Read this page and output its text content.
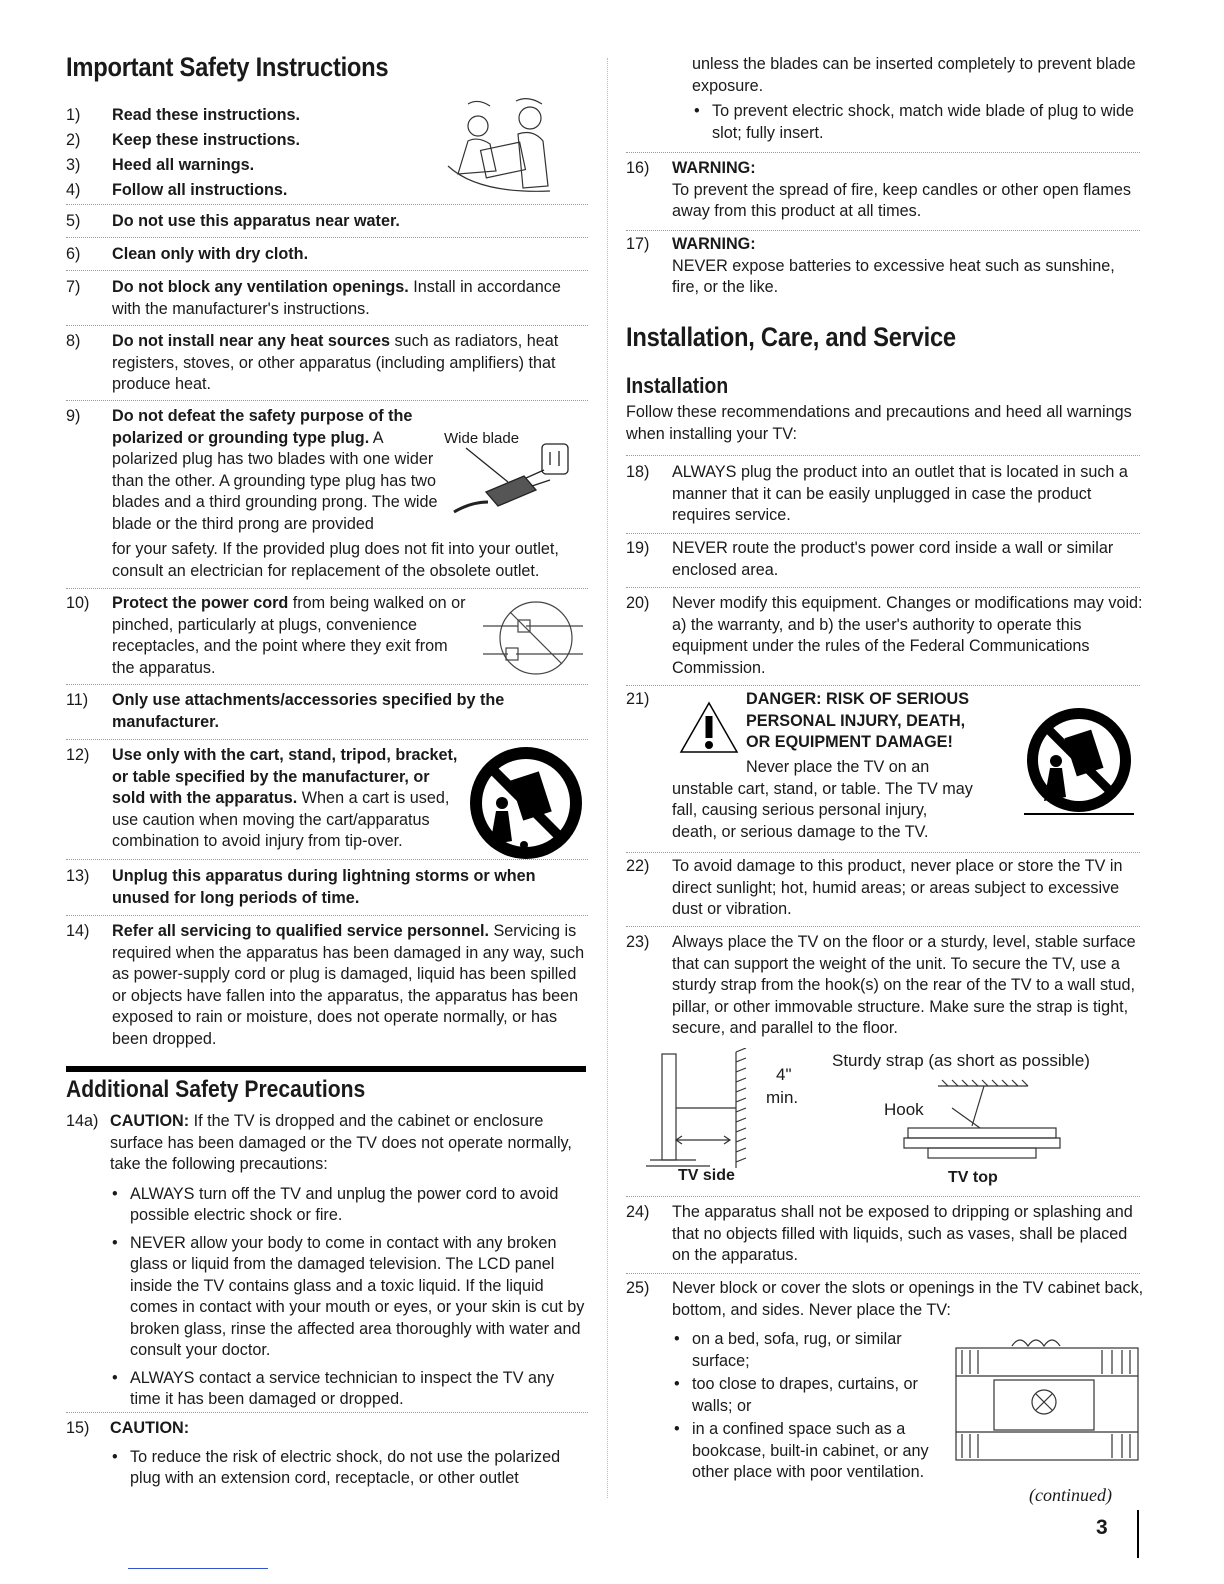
Important Safety Instructions
1) Read these instructions.
2) Keep these instructions.
3) Heed all warnings.
4) Follow all instructions.
5) Do not use this apparatus near water.
6) Clean only with dry cloth.
7) Do not block any ventilation openings. Install in accordance with the manufacturer's instructions.
8) Do not install near any heat sources such as radiators, heat registers, stoves, or other apparatus (including amplifiers) that produce heat.
9) Do not defeat the safety purpose of the polarized or grounding type plug. A polarized plug has two blades with one wider than the other. A grounding type plug has two blades and a third grounding prong. The wide blade or the third prong are provided
for your safety. If the provided plug does not fit into your outlet, consult an electrician for replacement of the obsolete outlet.
Wide blade
10) Protect the power cord from being walked on or pinched, particularly at plugs, convenience receptacles, and the point where they exit from the apparatus.
11) Only use attachments/accessories specified by the manufacturer.
12) Use only with the cart, stand, tripod, bracket, or table specified by the manufacturer, or sold with the apparatus. When a cart is used, use caution when moving the cart/apparatus combination to avoid injury from tip-over.
13) Unplug this apparatus during lightning storms or when unused for long periods of time.
14) Refer all servicing to qualified service personnel. Servicing is required when the apparatus has been damaged in any way, such as power-supply cord or plug is damaged, liquid has been spilled or objects have fallen into the apparatus, the apparatus has been exposed to rain or moisture, does not operate normally, or has been dropped.
Additional Safety Precautions
14a) CAUTION: If the TV is dropped and the cabinet or enclosure surface has been damaged or the TV does not operate normally, take the following precautions:
• ALWAYS turn off the TV and unplug the power cord to avoid possible electric shock or fire.
• NEVER allow your body to come in contact with any broken glass or liquid from the damaged television. The LCD panel inside the TV contains glass and a toxic liquid. If the liquid comes in contact with your mouth or eyes, or your skin is cut by broken glass, rinse the affected area thoroughly with water and consult your doctor.
• ALWAYS contact a service technician to inspect the TV any time it has been damaged or dropped.
15) CAUTION:
• To reduce the risk of electric shock, do not use the polarized plug with an extension cord, receptacle, or other outlet
unless the blades can be inserted completely to prevent blade exposure.
• To prevent electric shock, match wide blade of plug to wide slot; fully insert.
16) WARNING:
To prevent the spread of fire, keep candles or other open flames away from this product at all times.
17) WARNING:
NEVER expose batteries to excessive heat such as sunshine, fire, or the like.
Installation, Care, and Service
Installation
Follow these recommendations and precautions and heed all warnings when installing your TV:
18) ALWAYS plug the product into an outlet that is located in such a manner that it can be easily unplugged in case the product requires service.
19) NEVER route the product's power cord inside a wall or similar enclosed area.
20) Never modify this equipment. Changes or modifications may void: a) the warranty, and b) the user's authority to operate this equipment under the rules of the Federal Communications Commission.
21)	DANGER: RISK OF SERIOUS PERSONAL INJURY, DEATH, OR EQUIPMENT DAMAGE!
Never place the TV on an unstable cart, stand, or table. The TV may fall, causing serious personal injury, death, or serious damage to the TV.
22) To avoid damage to this product, never place or store the TV in direct sunlight; hot, humid areas; or areas subject to excessive dust or vibration.
23) Always place the TV on the floor or a sturdy, level, stable surface that can support the weight of the unit. To secure the TV, use a sturdy strap from the hook(s) on the rear of the TV to a wall stud, pillar, or other immovable structure. Make sure the strap is tight, secure, and parallel to the floor.
4"
min.
TV side
Sturdy strap (as short as possible)
Hook
TV top
24) The apparatus shall not be exposed to dripping or splashing and that no objects filled with liquids, such as vases, shall be placed on the apparatus.
25) Never block or cover the slots or openings in the TV cabinet back, bottom, and sides. Never place the TV:
• on a bed, sofa, rug, or similar surface;
• too close to drapes, curtains, or walls; or
• in a confined space such as a bookcase, built-in cabinet, or any other place with poor ventilation.
(continued)
3
